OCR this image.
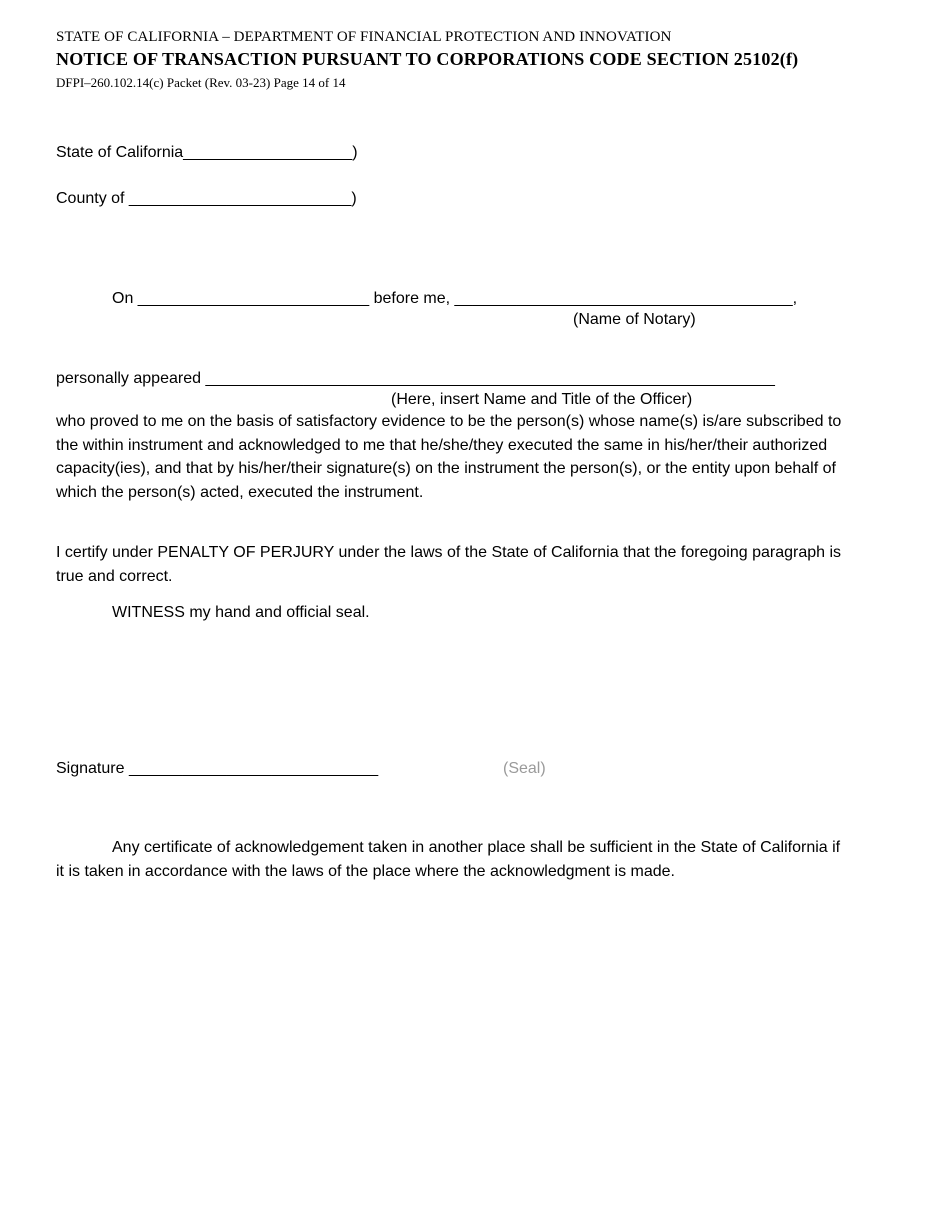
STATE OF CALIFORNIA – DEPARTMENT OF FINANCIAL PROTECTION AND INNOVATION
NOTICE OF TRANSACTION PURSUANT TO CORPORATIONS CODE SECTION 25102(f)
DFPI–260.102.14(c) Packet (Rev. 03-23) Page 14 of 14
State of California___________________)
County of _________________________)
On __________________________ before me, ______________________________________,
(Name of Notary)
personally appeared ________________________________________________________________
(Here, insert Name and Title of the Officer)
who proved to me on the basis of satisfactory evidence to be the person(s) whose name(s) is/are subscribed to the within instrument and acknowledged to me that he/she/they executed the same in his/her/their authorized capacity(ies), and that by his/her/their signature(s) on the instrument the person(s), or the entity upon behalf of which the person(s) acted, executed the instrument.
I certify under PENALTY OF PERJURY under the laws of the State of California that the foregoing paragraph is true and correct.
WITNESS my hand and official seal.
Signature ____________________________	(Seal)
Any certificate of acknowledgement taken in another place shall be sufficient in the State of California if it is taken in accordance with the laws of the place where the acknowledgment is made.
